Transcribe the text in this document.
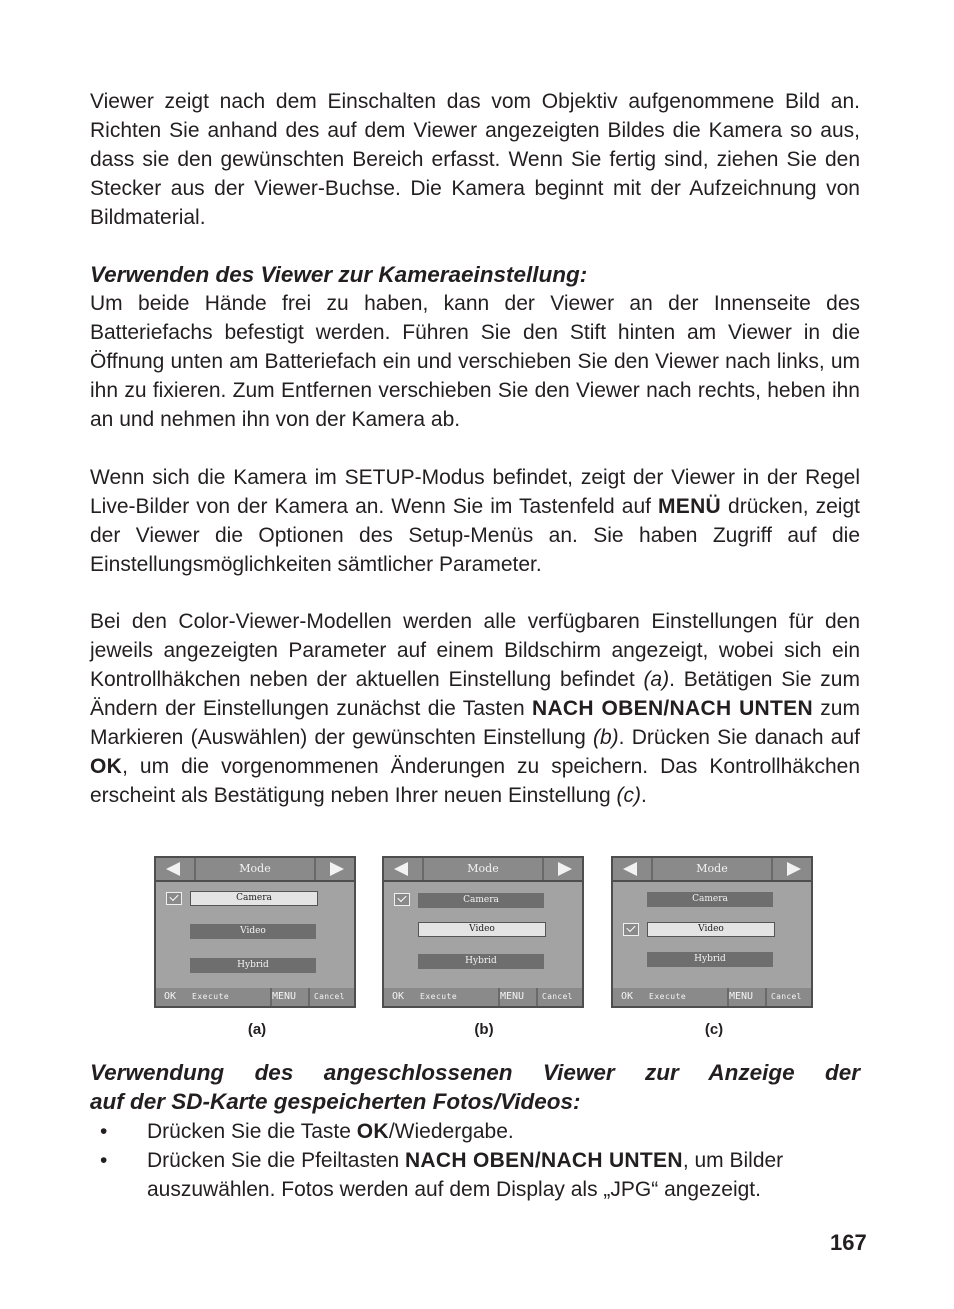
Viewer zeigt nach dem Einschalten das vom Objektiv aufgenommene Bild an. Richten Sie anhand des auf dem Viewer angezeigten Bildes die Kamera so aus, dass sie den gewünschten Bereich erfasst. Wenn Sie fertig sind, ziehen Sie den Stecker aus der Viewer-Buchse. Die Kamera beginnt mit der Aufzeichnung von Bildmaterial.
Verwenden des Viewer zur Kameraeinstellung:
Um beide Hände frei zu haben, kann der Viewer an der Innenseite des Batteriefachs befestigt werden. Führen Sie den Stift hinten am Viewer in die Öffnung unten am Batteriefach ein und verschieben Sie den Viewer nach links, um ihn zu fixieren. Zum Entfernen verschieben Sie den Viewer nach rechts, heben ihn an und nehmen ihn von der Kamera ab.
Wenn sich die Kamera im SETUP-Modus befindet, zeigt der Viewer in der Regel Live-Bilder von der Kamera an. Wenn Sie im Tastenfeld auf MENÜ drücken, zeigt der Viewer die Optionen des Setup-Menüs an. Sie haben Zugriff auf die Einstellungsmöglichkeiten sämtlicher Parameter.
Bei den Color-Viewer-Modellen werden alle verfügbaren Einstellungen für den jeweils angezeigten Parameter auf einem Bildschirm angezeigt, wobei sich ein Kontrollhäkchen neben der aktuellen Einstellung befindet (a). Betätigen Sie zum Ändern der Einstellungen zunächst die Tasten NACH OBEN/NACH UNTEN zum Markieren (Auswählen) der gewünschten Einstellung (b). Drücken Sie danach auf OK, um die vorgenommenen Änderungen zu speichern. Das Kontrollhäkchen erscheint als Bestätigung neben Ihrer neuen Einstellung (c).
Mode
Camera
Video
Hybrid
OK Execute	MENU Cancel
Mode
Camera
Video
Hybrid
OK Execute	MENU Cancel
Mode
Camera
Video
Hybrid
OK Execute	MENU Cancel
(a)	(b)	(c)
Verwendung des angeschlossenen Viewer zur Anzeige der
auf der SD-Karte gespeicherten Fotos/Videos:
• Drücken Sie die Taste OK/Wiedergabe.
• Drücken Sie die Pfeiltasten NACH OBEN/NACH UNTEN, um Bilder auszuwählen. Fotos werden auf dem Display als „JPG“ angezeigt.
167
